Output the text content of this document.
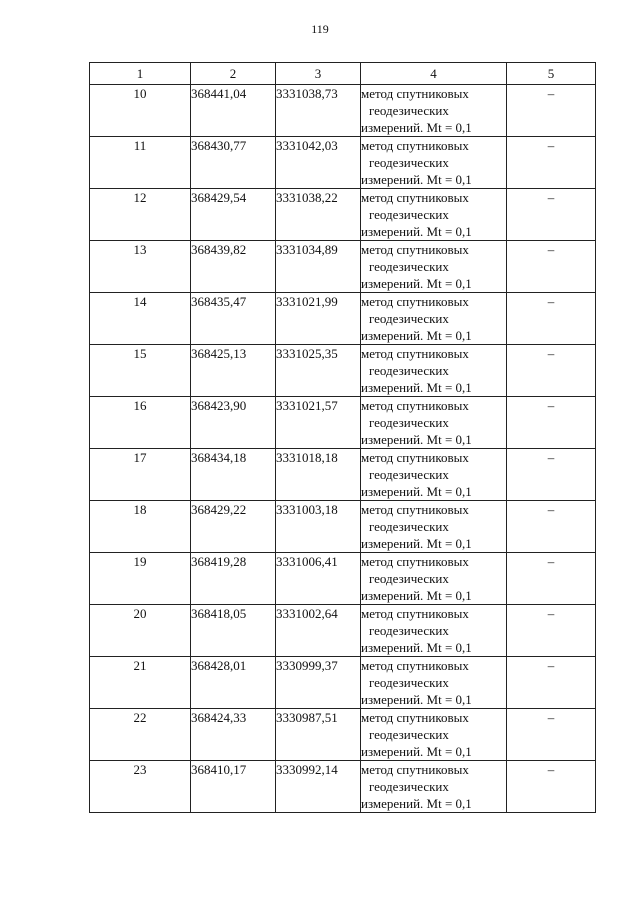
119
1	2	3	4	5
10	368441,04	3331038,73	метод спутниковых
геодезических
измерений. Mt = 0,1	–
11	368430,77	3331042,03	метод спутниковых
геодезических
измерений. Mt = 0,1	–
12	368429,54	3331038,22	метод спутниковых
геодезических
измерений. Mt = 0,1	–
13	368439,82	3331034,89	метод спутниковых
геодезических
измерений. Mt = 0,1	–
14	368435,47	3331021,99	метод спутниковых
геодезических
измерений. Mt = 0,1	–
15	368425,13	3331025,35	метод спутниковых
геодезических
измерений. Mt = 0,1	–
16	368423,90	3331021,57	метод спутниковых
геодезических
измерений. Mt = 0,1	–
17	368434,18	3331018,18	метод спутниковых
геодезических
измерений. Mt = 0,1	–
18	368429,22	3331003,18	метод спутниковых
геодезических
измерений. Mt = 0,1	–
19	368419,28	3331006,41	метод спутниковых
геодезических
измерений. Mt = 0,1	–
20	368418,05	3331002,64	метод спутниковых
геодезических
измерений. Mt = 0,1	–
21	368428,01	3330999,37	метод спутниковых
геодезических
измерений. Mt = 0,1	–
22	368424,33	3330987,51	метод спутниковых
геодезических
измерений. Mt = 0,1	–
23	368410,17	3330992,14	метод спутниковых
геодезических
измерений. Mt = 0,1	–
